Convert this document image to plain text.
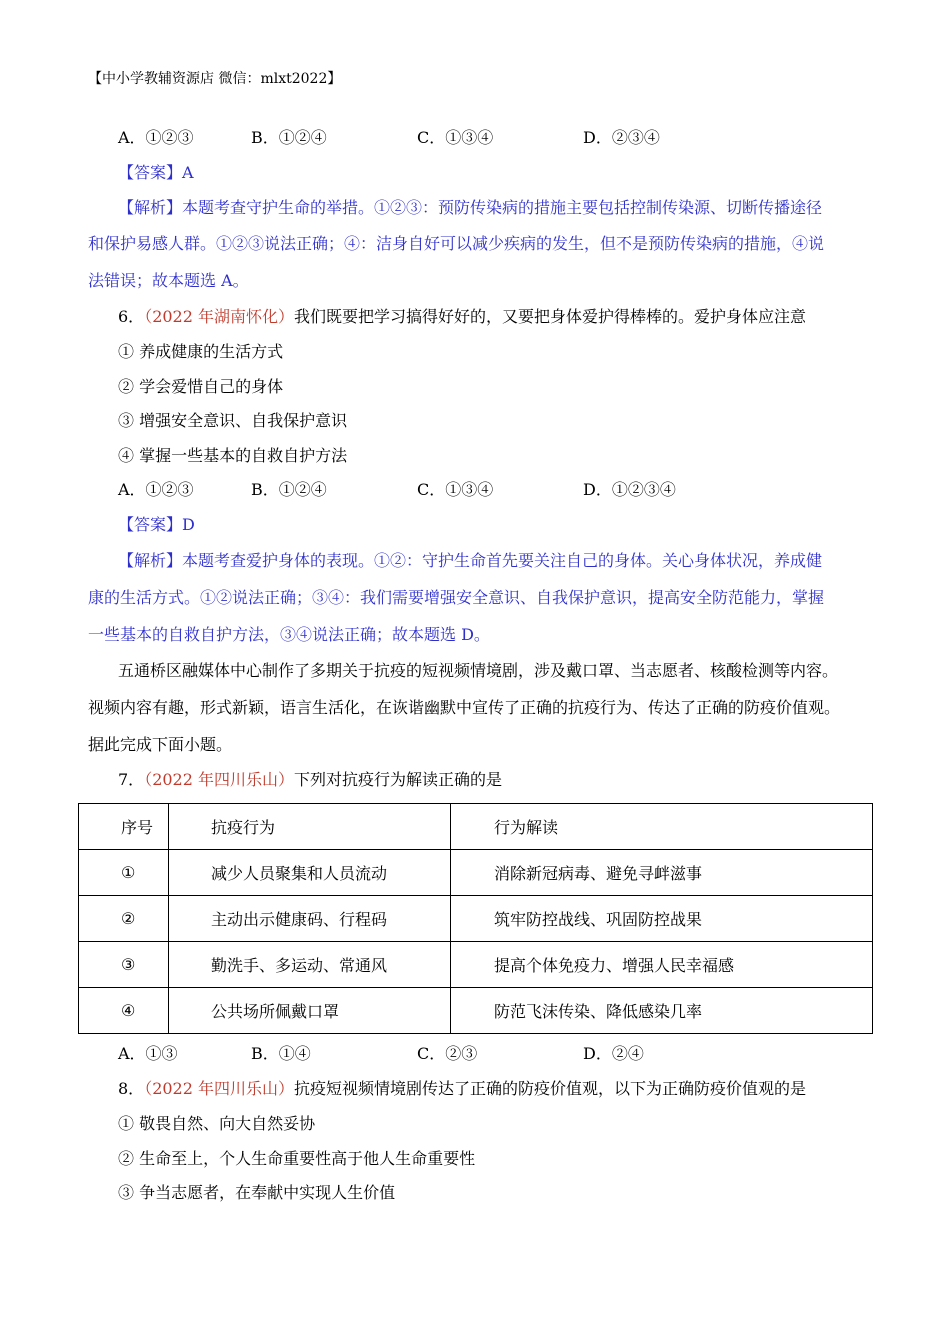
【中小学教辅资源店 微信：mlxt2022】
A．①②③	B．①②④	C．①③④	D．②③④
【答案】A
【解析】本题考查守护生命的举措。①②③：预防传染病的措施主要包括控制传染源、切断传播途径
和保护易感人群。①②③说法正确；④：洁身自好可以减少疾病的发生，但不是预防传染病的措施，④说
法错误；故本题选 A。
6．（2022 年湖南怀化）我们既要把学习搞得好好的，又要把身体爱护得棒棒的。爱护身体应注意
① 养成健康的生活方式
② 学会爱惜自己的身体
③ 增强安全意识、自我保护意识
④ 掌握一些基本的自救自护方法
A．①②③	B．①②④	C．①③④	D．①②③④
【答案】D
【解析】本题考查爱护身体的表现。①②：守护生命首先要关注自己的身体。关心身体状况，养成健
康的生活方式。①②说法正确；③④：我们需要增强安全意识、自我保护意识，提高安全防范能力，掌握
一些基本的自救自护方法，③④说法正确；故本题选 D。
五通桥区融媒体中心制作了多期关于抗疫的短视频情境剧，涉及戴口罩、当志愿者、核酸检测等内容。
视频内容有趣，形式新颖，语言生活化，在诙谐幽默中宣传了正确的抗疫行为、传达了正确的防疫价值观。
据此完成下面小题。
7．（2022 年四川乐山）下列对抗疫行为解读正确的是
序号	抗疫行为	行为解读
①	减少人员聚集和人员流动	消除新冠病毒、避免寻衅滋事
②	主动出示健康码、行程码	筑牢防控战线、巩固防控战果
③	勤洗手、多运动、常通风	提高个体免疫力、增强人民幸福感
④	公共场所佩戴口罩	防范飞沫传染、降低感染几率
A．①③	B．①④	C．②③	D．②④
8．（2022 年四川乐山）抗疫短视频情境剧传达了正确的防疫价值观，以下为正确防疫价值观的是
① 敬畏自然、向大自然妥协
② 生命至上，个人生命重要性高于他人生命重要性
③ 争当志愿者，在奉献中实现人生价值
